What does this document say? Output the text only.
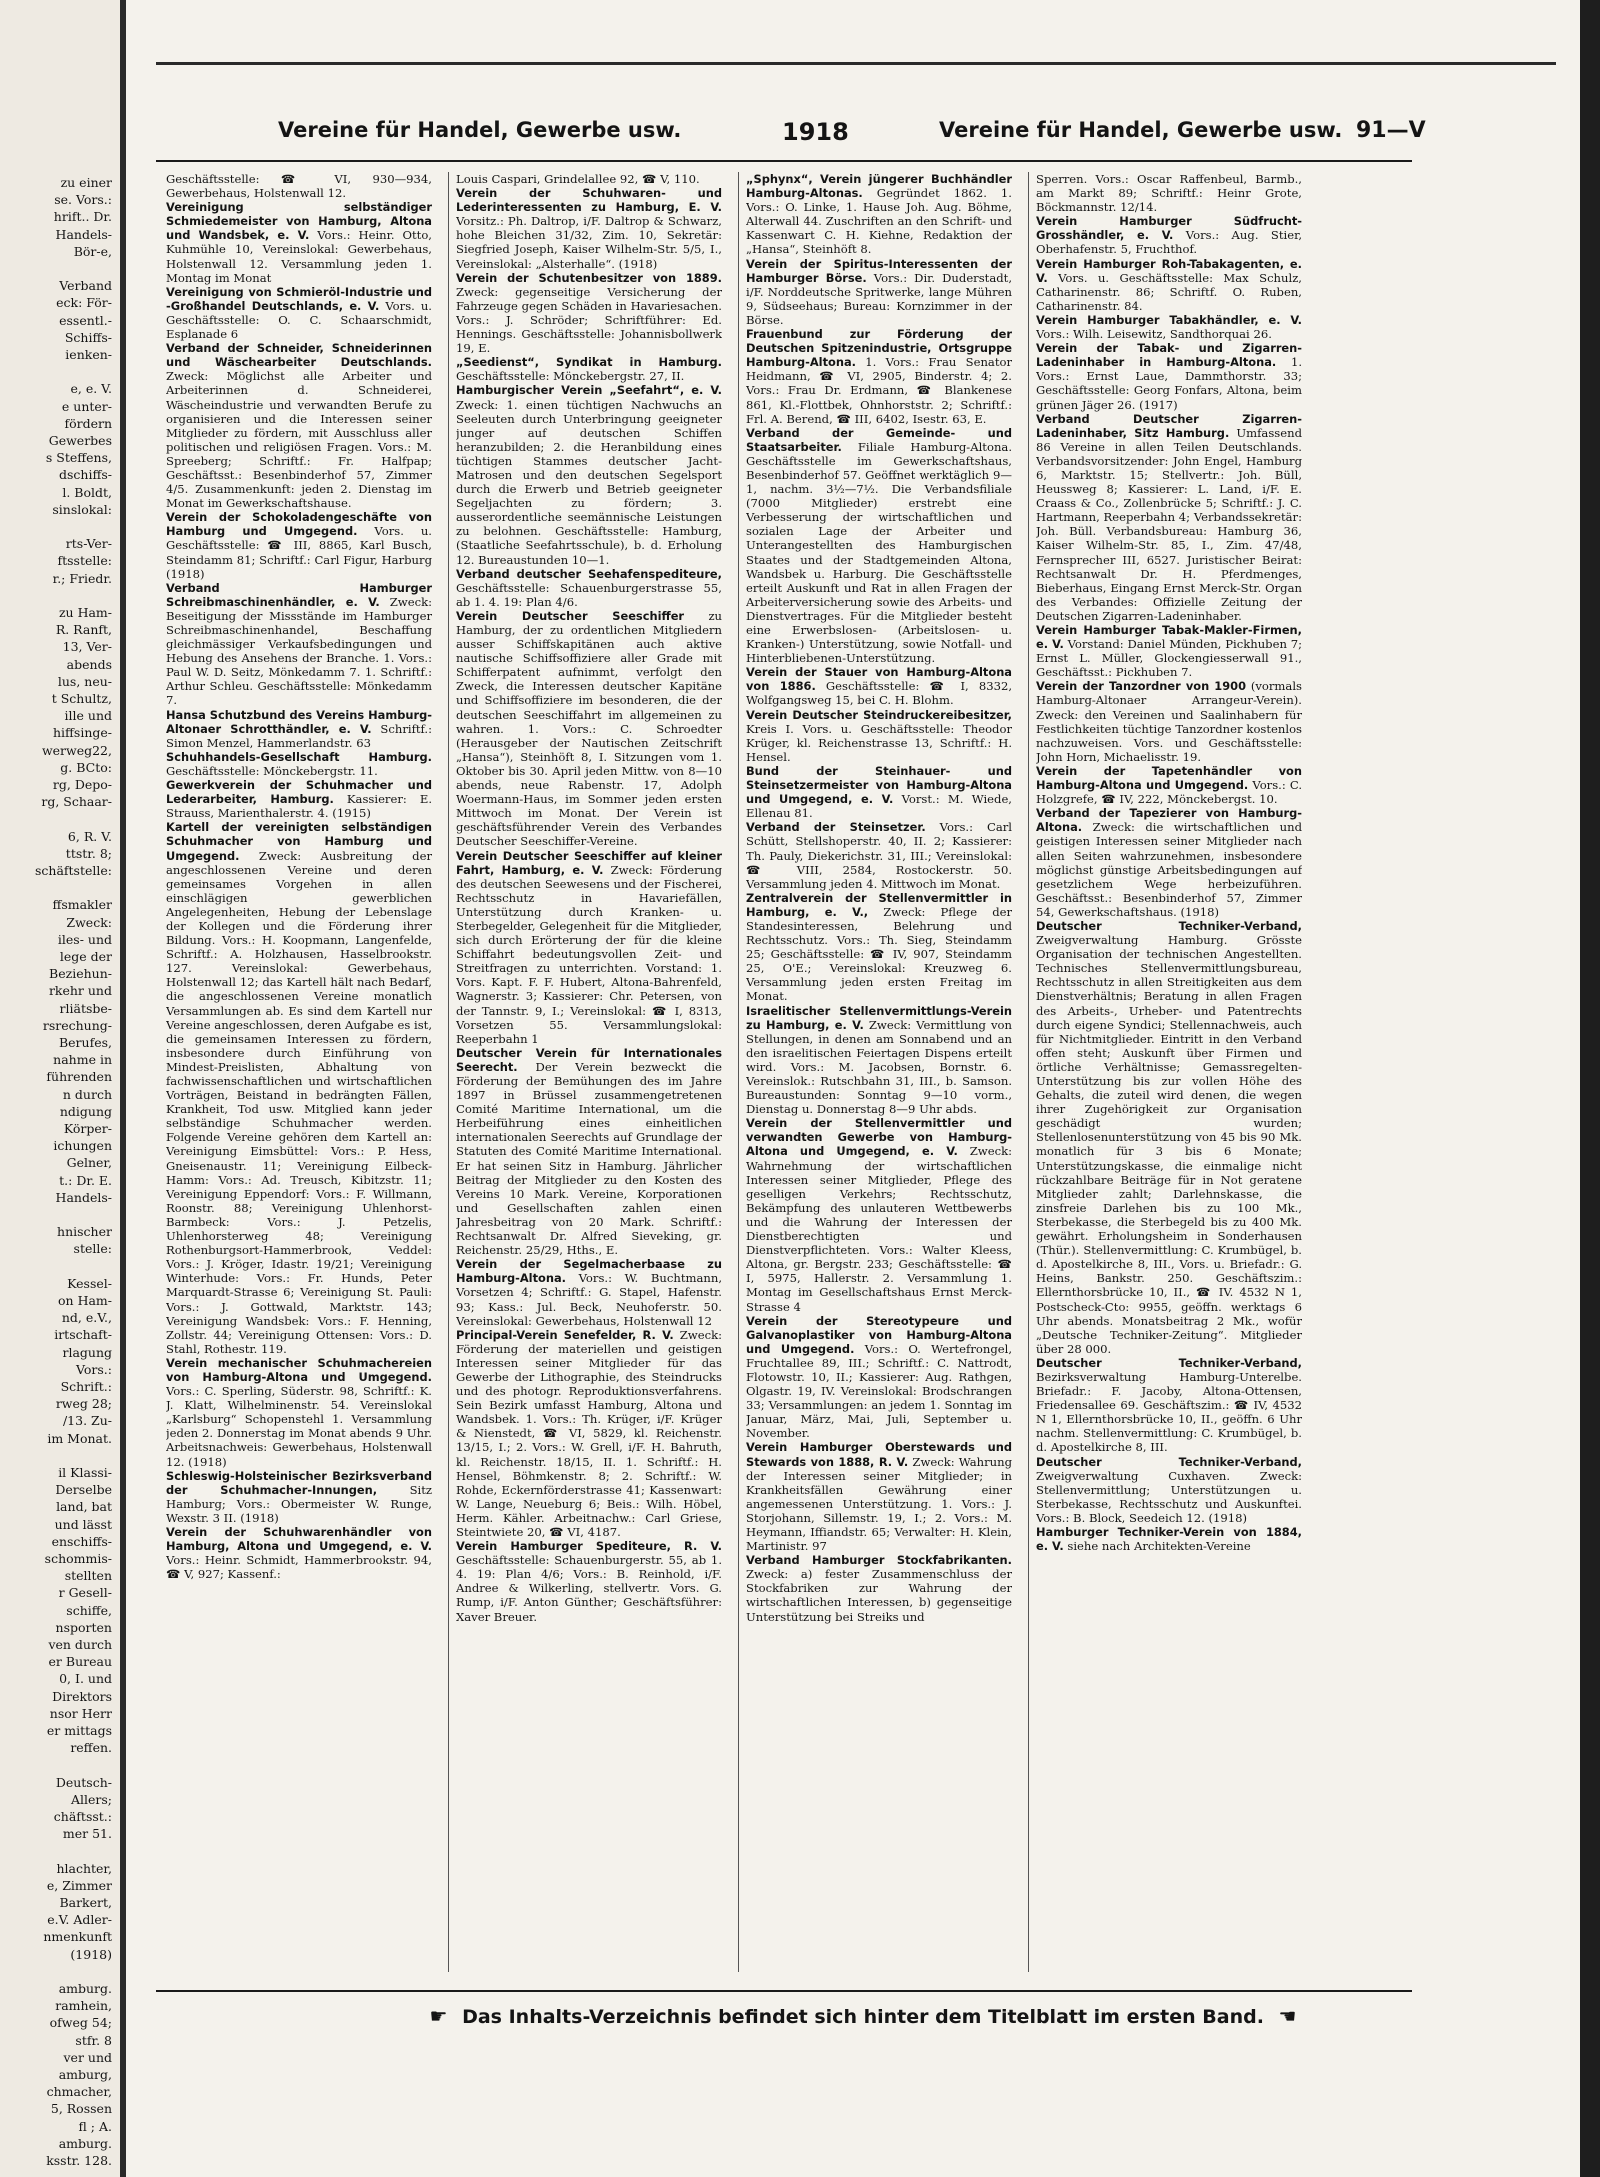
zu einer
se. Vors.:
hrift.. Dr.
Handels-
Bör-e,
Verband
eck: För-
essentl.-
Schiffs-
ienken-
e, e. V.
e unter-
fördern
Gewerbes
s Steffens,
dschiffs-
l. Boldt,
sinslokal:
rts-Ver-
ftsstelle:
r.; Friedr.
zu Ham-
R. Ranft,
13, Ver-
abends
lus, neu-
t Schultz,
ille und
hiffsinge-
werweg22,
g. BCto:
rg, Depo-
rg, Schaar-
6, R. V.
ttstr. 8;
schäftstelle:
ffsmakler
Zweck:
iles- und
lege der
Beziehun-
rkehr und
rliätsbe-
rsrechung-
Berufes,
nahme in
führenden
n durch
ndigung
Körper-
ichungen
Gelner,
t.: Dr. E.
Handels-
hnischer
stelle:
Kessel-
on Ham-
nd, e.V.,
irtschaft-
rlagung
Vors.:
Schrift.:
rweg 28;
/13. Zu-
im Monat.
il Klassi-
Derselbe
land, bat
und lässt
enschiffs-
schommis-
stellten
r Gesell-
schiffe,
nsporten
ven durch
er Bureau
0, I. und
Direktors
nsor Herr
er mittags
reffen.
Deutsch-
Allers;
chäftsst.:
mer 51.
hlachter,
e, Zimmer
Barkert,
e.V. Adler-
nmenkunft
(1918)
amburg.
ramhein,
ofweg 54;
stfr. 8
ver und
amburg,
chmacher,
5, Rossen
fl ; A.
amburg.
ksstr. 128.
Vereine für Handel, Gewerbe usw.	1918	Vereine für Handel, Gewerbe usw. 91—V

Geschäftsstelle: ☎ VI, 930—934, Gewerbehaus, Holstenwall 12.

Vereinigung selbständiger Schmiedemeister von Hamburg, Altona und Wandsbek, e. V. Vors.: Heinr. Otto, Kuhmühle 10, Vereinslokal: Gewerbehaus, Holstenwall 12. Versammlung jeden 1. Montag im Monat

Vereinigung von Schmieröl-Industrie und -Großhandel Deutschlands, e. V. Vors. u. Geschäftsstelle: O. C. Schaarschmidt, Esplanade 6

Verband der Schneider, Schneiderinnen und Wäschearbeiter Deutschlands. Zweck: Möglichst alle Arbeiter und Arbeiterinnen d. Schneiderei, Wäscheindustrie und verwandten Berufe zu organisieren und die Interessen seiner Mitglieder zu fördern, mit Ausschluss aller politischen und religiösen Fragen. Vors.: M. Spreeberg; Schriftf.: Fr. Halfpap; Geschäftsst.: Besenbinderhof 57, Zimmer 4/5. Zusammenkunft: jeden 2. Dienstag im Monat im Gewerkschaftshause.

Verein der Schokoladengeschäfte von Hamburg und Umgegend. Vors. u. Geschäftsstelle: ☎ III, 8865, Karl Busch, Steindamm 81; Schriftf.: Carl Figur, Harburg (1918)

Verband Hamburger Schreibmaschinenhändler, e. V. Zweck: Beseitigung der Missstände im Hamburger Schreibmaschinenhandel, Beschaffung gleichmässiger Verkaufsbedingungen und Hebung des Ansehens der Branche. 1. Vors.: Paul W. D. Seitz, Mönkedamm 7. 1. Schriftf.: Arthur Schleu. Geschäftsstelle: Mönkedamm 7.

Hansa Schutzbund des Vereins Hamburg-Altonaer Schrotthändler, e. V. Schriftf.: Simon Menzel, Hammerlandstr. 63

Schuhhandels-Gesellschaft Hamburg. Geschäftsstelle: Mönckebergstr. 11.

Gewerkverein der Schuhmacher und Lederarbeiter, Hamburg. Kassierer: E. Strauss, Marienthalerstr. 4. (1915)

Kartell der vereinigten selbständigen Schuhmacher von Hamburg und Umgegend. Zweck: Ausbreitung der angeschlossenen Vereine und deren gemeinsames Vorgehen in allen einschlägigen gewerblichen Angelegenheiten, Hebung der Lebenslage der Kollegen und die Förderung ihrer Bildung. Vors.: H. Koopmann, Langenfelde, Schriftf.: A. Holzhausen, Hasselbrookstr. 127. Vereinslokal: Gewerbehaus, Holstenwall 12; das Kartell hält nach Bedarf, die angeschlossenen Vereine monatlich Versammlungen ab. Es sind dem Kartell nur Vereine angeschlossen, deren Aufgabe es ist, die gemeinsamen Interessen zu fördern, insbesondere durch Einführung von Mindest-Preislisten, Abhaltung von fachwissenschaftlichen und wirtschaftlichen Vorträgen, Beistand in bedrängten Fällen, Krankheit, Tod usw. Mitglied kann jeder selbständige Schuhmacher werden. Folgende Vereine gehören dem Kartell an: Vereinigung Eimsbüttel: Vors.: P. Hess, Gneisenaustr. 11; Vereinigung Eilbeck-Hamm: Vors.: Ad. Treusch, Kibitzstr. 11; Vereinigung Eppendorf: Vors.: F. Willmann, Roonstr. 88; Vereinigung Uhlenhorst-Barmbeck: Vors.: J. Petzelis, Uhlenhorsterweg 48; Vereinigung Rothenburgsort-Hammerbrook, Veddel: Vors.: J. Kröger, Idastr. 19/21; Vereinigung Winterhude: Vors.: Fr. Hunds, Peter Marquardt-Strasse 6; Vereinigung St. Pauli: Vors.: J. Gottwald, Marktstr. 143; Vereinigung Wandsbek: Vors.: F. Henning, Zollstr. 44; Vereinigung Ottensen: Vors.: D. Stahl, Rothestr. 119.

Verein mechanischer Schuhmachereien von Hamburg-Altona und Umgegend. Vors.: C. Sperling, Süderstr. 98, Schriftf.: K. J. Klatt, Wilhelminenstr. 54. Vereinslokal „Karlsburg“ Schopenstehl 1. Versammlung jeden 2. Donnerstag im Monat abends 9 Uhr. Arbeitsnachweis: Gewerbehaus, Holstenwall 12. (1918)

Schleswig-Holsteinischer Bezirksverband der Schuhmacher-Innungen,	Sitz Hamburg; Vors.: Obermeister W. Runge, Wexstr. 3 II. (1918)

Verein der Schuhwarenhändler von Hamburg, Altona und Umgegend, e. V. Vors.: Heinr. Schmidt, Hammerbrookstr. 94, ☎ V, 927; Kassenf.:

Louis Caspari, Grindelallee 92, ☎ V, 110.

Verein der Schuhwaren- und Lederinteressenten zu Hamburg, E. V. Vorsitz.: Ph. Daltrop, i/F. Daltrop & Schwarz, hohe Bleichen 31/32, Zim. 10, Sekretär: Siegfried Joseph, Kaiser Wilhelm-Str. 5/5, I., Vereinslokal: „Alsterhalle“. (1918)

Verein der Schutenbesitzer von 1889. Zweck: gegenseitige Versicherung der Fahrzeuge gegen Schäden in Havariesachen. Vors.: J. Schröder; Schriftführer: Ed. Hennings. Geschäftsstelle: Johannisbollwerk 19, E.

„Seedienst“, Syndikat in Hamburg. Geschäftsstelle: Mönckebergstr. 27, II.

Hamburgischer Verein „Seefahrt“, e. V. Zweck: 1. einen tüchtigen Nachwuchs an Seeleuten durch Unterbringung geeigneter junger auf deutschen Schiffen heranzubilden; 2. die Heranbildung eines tüchtigen Stammes deutscher Jacht-Matrosen und den deutschen Segelsport durch die Erwerb und Betrieb geeigneter Segeljachten zu fördern; 3. ausserordentliche seemännische Leistungen zu belohnen. Geschäftsstelle: Hamburg, (Staatliche Seefahrtsschule), b. d. Erholung 12. Bureaustunden 10—1.

Verband deutscher Seehafenspediteure, Geschäftsstelle: Schauenburgerstrasse 55, ab 1. 4. 19: Plan 4/6.

Verein Deutscher Seeschiffer zu Hamburg, der zu ordentlichen Mitgliedern ausser Schiffskapitänen auch aktive nautische Schiffsoffiziere aller Grade mit Schifferpatent aufnimmt, verfolgt den Zweck, die Interessen deutscher Kapitäne und Schiffsoffiziere im besonderen, die der deutschen Seeschiffahrt im allgemeinen zu wahren. 1. Vors.: C. Schroedter (Herausgeber der Nautischen Zeitschrift „Hansa“), Steinhöft 8, I. Sitzungen vom 1. Oktober bis 30. April jeden Mittw. von 8—10 abends, neue Rabenstr. 17, Adolph Woermann-Haus, im Sommer jeden ersten Mittwoch im Monat. Der Verein ist geschäftsführender Verein des Verbandes Deutscher Seeschiffer-Vereine.

Verein Deutscher Seeschiffer auf kleiner Fahrt, Hamburg, e. V. Zweck: Förderung des deutschen Seewesens und der Fischerei, Rechtsschutz in Havariefällen, Unterstützung durch Kranken- u. Sterbegelder, Gelegenheit für die Mitglieder, sich durch Erörterung der für die kleine Schiffahrt bedeutungsvollen Zeit- und Streitfragen zu unterrichten. Vorstand: 1. Vors. Kapt. F. F. Hubert, Altona-Bahrenfeld, Wagnerstr. 3; Kassierer: Chr. Petersen, von der Tannstr. 9, I.; Vereinslokal: ☎ I, 8313, Vorsetzen 55. Versammlungslokal: Reeperbahn 1

Deutscher Verein für Internationales Seerecht. Der Verein bezweckt die Förderung der Bemühungen des im Jahre 1897 in Brüssel zusammengetretenen Comité Maritime International, um die Herbeiführung eines einheitlichen internationalen Seerechts auf Grundlage der Statuten des Comité Maritime International. Er hat seinen Sitz in Hamburg. Jährlicher Beitrag der Mitglieder zu den Kosten des Vereins 10 Mark. Vereine, Korporationen und Gesellschaften zahlen einen Jahresbeitrag von 20 Mark. Schriftf.: Rechtsanwalt Dr. Alfred Sieveking, gr. Reichenstr. 25/29, Hths., E.

Verein der Segelmacherbaase zu Hamburg-Altona. Vors.: W. Buchtmann, Vorsetzen 4; Schriftf.: G. Stapel, Hafenstr. 93; Kass.: Jul. Beck, Neuhoferstr. 50. Vereinslokal: Gewerbehaus, Holstenwall 12

Principal-Verein Senefelder, R. V. Zweck: Förderung der materiellen und geistigen Interessen seiner Mitglieder für das Gewerbe der Lithographie, des Steindrucks und des photogr. Reproduktionsverfahrens. Sein Bezirk umfasst Hamburg, Altona und Wandsbek. 1. Vors.: Th. Krüger, i/F. Krüger & Nienstedt, ☎ VI, 5829, kl. Reichenstr. 13/15, I.; 2. Vors.: W. Grell, i/F. H. Bahruth, kl. Reichenstr. 18/15, II. 1. Schriftf.: H. Hensel, Böhmkenstr. 8; 2. Schriftf.: W. Rohde, Eckernförderstrasse 41; Kassenwart: W. Lange, Neueburg 6; Beis.: Wilh. Höbel, Herm. Kähler. Arbeitnachw.: Carl Griese, Steintwiete 20, ☎ VI, 4187.

Verein Hamburger Spediteure, R. V. Geschäftsstelle: Schauenburgerstr. 55, ab 1. 4. 19: Plan 4/6; Vors.: B. Reinhold, i/F. Andree & Wilkerling, stellvertr. Vors. G. Rump, i/F. Anton Günther; Geschäftsführer: Xaver Breuer.

„Sphynx“, Verein jüngerer Buchhändler Hamburg-Altonas. Gegründet 1862. 1. Vors.: O. Linke, 1. Hause Joh. Aug. Böhme, Alterwall 44. Zuschriften an den Schrift- und Kassenwart C. H. Kiehne, Redaktion der „Hansa“, Steinhöft 8.

Verein der Spiritus-Interessenten der Hamburger Börse. Vors.: Dir. Duderstadt, i/F. Norddeutsche Spritwerke, lange Mühren 9, Südseehaus; Bureau: Kornzimmer in der Börse.

Frauenbund zur Förderung der Deutschen Spitzenindustrie, Ortsgruppe Hamburg-Altona. 1. Vors.: Frau Senator Heidmann, ☎ VI, 2905, Binderstr. 4; 2. Vors.: Frau Dr. Erdmann, ☎ Blankenese 861, Kl.-Flottbek, Ohnhorststr. 2; Schriftf.: Frl. A. Berend, ☎ III, 6402, Isestr. 63, E.

Verband der Gemeinde- und Staatsarbeiter. Filiale Hamburg-Altona. Geschäftsstelle im Gewerkschaftshaus, Besenbinderhof 57. Geöffnet werktäglich 9—1, nachm. 3½—7½. Die Verbandsfiliale (7000 Mitglieder) erstrebt eine Verbesserung der wirtschaftlichen und sozialen Lage der Arbeiter und Unterangestellten des Hamburgischen Staates und der Stadtgemeinden Altona, Wandsbek u. Harburg. Die Geschäftsstelle erteilt Auskunft und Rat in allen Fragen der Arbeiterversicherung sowie des Arbeits- und Dienstvertrages. Für die Mitglieder besteht eine Erwerbslosen- (Arbeitslosen- u. Kranken-) Unterstützung, sowie Notfall- und Hinterbliebenen-Unterstützung.

Verein der Stauer von Hamburg-Altona von 1886. Geschäftsstelle: ☎ I, 8332, Wolfgangsweg 15, bei C. H. Blohm.

Verein Deutscher Steindruckereibesitzer, Kreis I. Vors. u. Geschäftsstelle: Theodor Krüger, kl. Reichenstrasse 13, Schriftf.: H. Hensel.

Bund der Steinhauer- und Steinsetzermeister von Hamburg-Altona und Umgegend, e. V. Vorst.: M. Wiede, Ellenau 81.

Verband der Steinsetzer. Vors.: Carl Schütt, Stellshoperstr. 40, II. 2; Kassierer: Th. Pauly, Diekerichstr. 31, III.; Vereinslokal: ☎ VIII, 2584, Rostockerstr. 50. Versammlung jeden 4. Mittwoch im Monat.

Zentralverein der Stellenvermittler in Hamburg, e. V., Zweck: Pflege der Standesinteressen, Belehrung und Rechtsschutz. Vors.: Th. Sieg, Steindamm 25; Geschäftsstelle: ☎ IV, 907, Steindamm 25, O'E.; Vereinslokal: Kreuzweg 6. Versammlung jeden ersten Freitag im Monat.

Israelitischer Stellenvermittlungs-Verein zu Hamburg, e. V. Zweck: Vermittlung von Stellungen, in denen am Sonnabend und an den israelitischen Feiertagen Dispens erteilt wird. Vors.: M. Jacobsen, Bornstr. 6. Vereinslok.: Rutschbahn 31, III., b. Samson. Bureaustunden: Sonntag 9—10 vorm., Dienstag u. Donnerstag 8—9 Uhr abds.

Verein der Stellenvermittler und verwandten Gewerbe von Hamburg-Altona und Umgegend, e. V. Zweck: Wahrnehmung der wirtschaftlichen Interessen seiner Mitglieder, Pflege des geselligen Verkehrs; Rechtsschutz, Bekämpfung des unlauteren Wettbewerbs und die Wahrung der Interessen der Dienstberechtigten und Dienstverpflichteten. Vors.: Walter Kleess, Altona, gr. Bergstr. 233; Geschäftsstelle: ☎ I, 5975, Hallerstr. 2. Versammlung 1. Montag im Gesellschaftshaus Ernst Merck-Strasse 4

Verein der Stereotypeure und Galvanoplastiker von Hamburg-Altona und Umgegend. Vors.: O. Wertefrongel, Fruchtallee 89, III.; Schriftf.: C. Nattrodt, Flotowstr. 10, II.; Kassierer: Aug. Rathgen, Olgastr. 19, IV. Vereinslokal: Brodschrangen 33; Versammlungen: an jedem 1. Sonntag im Januar, März, Mai, Juli, September u. November.

Verein Hamburger Oberstewards und Stewards von 1888, R. V. Zweck: Wahrung der Interessen seiner Mitglieder; in Krankheitsfällen Gewährung einer angemessenen Unterstützung. 1. Vors.: J. Storjohann, Sillemstr. 19, I.; 2. Vors.: M. Heymann, Iffiandstr. 65; Verwalter: H. Klein, Martinistr. 97

Verband Hamburger Stockfabrikanten. Zweck: a) fester Zusammenschluss der Stockfabriken zur Wahrung der wirtschaftlichen Interessen, b) gegenseitige Unterstützung bei Streiks und

Sperren. Vors.: Oscar Raffenbeul, Barmb., am Markt 89; Schriftf.: Heinr Grote, Böckmannstr. 12/14.

Verein Hamburger Südfrucht-Grosshändler, e. V. Vors.: Aug. Stier, Oberhafenstr. 5, Fruchthof.

Verein Hamburger Roh-Tabakagenten, e. V. Vors. u. Geschäftsstelle: Max Schulz, Catharinenstr. 86; Schriftf. O. Ruben, Catharinenstr. 84.

Verein Hamburger Tabakhändler, e. V. Vors.: Wilh. Leisewitz, Sandthorquai 26.

Verein der Tabak- und Zigarren-Ladeninhaber in Hamburg-Altona. 1. Vors.: Ernst Laue, Dammthorstr. 33; Geschäftsstelle: Georg Fonfars, Altona, beim grünen Jäger 26. (1917)

Verband Deutscher Zigarren-Ladeninhaber, Sitz Hamburg. Umfassend 86 Vereine in allen Teilen Deutschlands. Verbandsvorsitzender: John Engel, Hamburg 6, Marktstr. 15; Stellvertr.: Joh. Büll, Heussweg 8; Kassierer: L. Land, i/F. E. Craass & Co., Zollenbrücke 5; Schriftf.: J. C. Hartmann, Reeperbahn 4; Verbandssekretär: Joh. Büll. Verbandsbureau: Hamburg 36, Kaiser Wilhelm-Str. 85, I., Zim. 47/48, Fernsprecher III, 6527. Juristischer Beirat: Rechtsanwalt Dr. H. Pferdmenges, Bieberhaus, Eingang Ernst Merck-Str. Organ des Verbandes: Offizielle Zeitung der Deutschen Zigarren-Ladeninhaber.

Verein Hamburger Tabak-Makler-Firmen, e. V. Vorstand: Daniel Münden, Pickhuben 7; Ernst L. Müller, Glockengiesserwall 91., Geschäftsst.: Pickhuben 7.

Verein der Tanzordner von 1900 (vormals Hamburg-Altonaer Arrangeur-Verein). Zweck: den Vereinen und Saalinhabern für Festlichkeiten tüchtige Tanzordner kostenlos nachzuweisen. Vors. und Geschäftsstelle: John Horn, Michaelisstr. 19.

Verein der Tapetenhändler von Hamburg-Altona und Umgegend. Vors.: C. Holzgrefe, ☎ IV, 222, Mönckebergst. 10.

Verband der Tapezierer von Hamburg-Altona. Zweck: die wirtschaftlichen und geistigen Interessen seiner Mitglieder nach allen Seiten wahrzunehmen, insbesondere möglichst günstige Arbeitsbedingungen auf gesetzlichem Wege herbeizuführen. Geschäftsst.: Besenbinderhof 57, Zimmer 54, Gewerkschaftshaus. (1918)

Deutscher Techniker-Verband, Zweigverwaltung Hamburg. Grösste Organisation der technischen Angestellten. Technisches Stellenvermittlungsbureau, Rechtsschutz in allen Streitigkeiten aus dem Dienstverhältnis; Beratung in allen Fragen des Arbeits-, Urheber- und Patentrechts durch eigene Syndici; Stellennachweis, auch für Nichtmitglieder. Eintritt in den Verband offen steht; Auskunft über Firmen und örtliche Verhältnisse; Gemassregelten-Unterstützung bis zur vollen Höhe des Gehalts, die zuteil wird denen, die wegen ihrer Zugehörigkeit zur Organisation geschädigt wurden; Stellenlosenunterstützung von 45 bis 90 Mk. monatlich für 3 bis 6 Monate; Unterstützungskasse, die einmalige nicht rückzahlbare Beiträge für in Not geratene Mitglieder zahlt; Darlehnskasse, die zinsfreie Darlehen bis zu 100 Mk., Sterbekasse, die Sterbegeld bis zu 400 Mk. gewährt. Erholungsheim in Sonderhausen (Thür.). Stellenvermittlung: C. Krumbügel, b. d. Apostelkirche 8, III., Vors. u. Briefadr.: G. Heins, Bankstr. 250. Geschäftszim.: Ellernthorsbrücke 10, II., ☎ IV. 4532 N 1, Postscheck-Cto: 9955, geöffn. werktags 6 Uhr abends. Monatsbeitrag 2 Mk., wofür „Deutsche Techniker-Zeitung“. Mitglieder über 28 000.

Deutscher Techniker-Verband, Bezirksverwaltung Hamburg-Unterelbe. Briefadr.: F. Jacoby, Altona-Ottensen, Friedensallee 69. Geschäftszim.: ☎ IV, 4532 N 1, Ellernthorsbrücke 10, II., geöffn. 6 Uhr nachm. Stellenvermittlung: C. Krumbügel, b. d. Apostelkirche 8, III.

Deutscher Techniker-Verband, Zweigverwaltung Cuxhaven. Zweck: Stellenvermittlung; Unterstützungen u. Sterbekasse, Rechtsschutz und Auskunftei. Vors.: B. Block, Seedeich 12. (1918)

Hamburger Techniker-Verein von 1884, e. V. siehe nach Architekten-Vereine

☛ Das Inhalts-Verzeichnis befindet sich hinter dem Titelblatt im ersten Band. ☚
